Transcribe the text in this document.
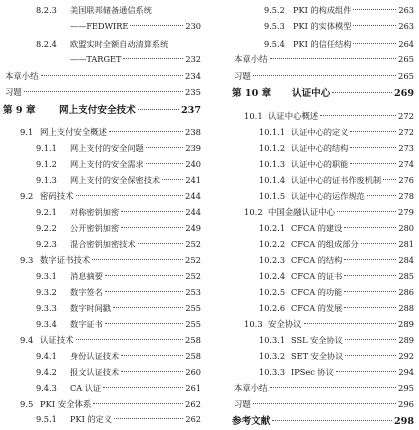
8.2.3	美国联邦储备通信系统
——FEDWIRE	230
8.2.4	欧盟实时全额自动清算系统
——TARGET	232
本章小结	234
习题	235
第 9 章	网上支付安全技术	237
9.1 网上支付安全概述	238
9.1.1	网上支付的安全问题	239
9.1.2	网上支付的安全需求	240
9.1.3	网上支付的安全保密技术	241
9.2 密码技术	244
9.2.1	对称密钥加密	244
9.2.2	公开密钥加密	249
9.2.3	混合密钥加密技术	252
9.3 数字证书技术	252
9.3.1	消息摘要	252
9.3.2	数字签名	253
9.3.3	数字时间戳	255
9.3.4	数字证书	255
9.4 认证技术	258
9.4.1	身份认证技术	258
9.4.2	报文认证技术	260
9.4.3	CA 认证	261
9.5 PKI 安全体系	262
9.5.1	PKI 的定义	262
9.5.2 PKI 的构成组件	263
9.5.3 PKI 的实体模型	263
9.5.4 PKI 的信任结构	264
本章小结	265
习题	265
第 10 章	认证中心	269
10.1 认证中心概述	272
10.1.1 认证中心的定义	272
10.1.2 认证中心的结构	273
10.1.3 认证中心的职能	274
10.1.4 认证中心的证书作废机制 276
10.1.5 认证中心的运作规范	278
10.2 中国金融认证中心	279
10.2.1 CFCA 的建设	280
10.2.2 CFCA 的组成部分	281
10.2.3 CFCA 的结构	284
10.2.4 CFCA 的证书	285
10.2.5 CFCA 的功能	286
10.2.6 CFCA 的发展	288
10.3 安全协议	289
10.3.1 SSL 安全协议	289
10.3.2 SET 安全协议	292
10.3.3 IPSec 协议	294
本章小结	295
习题	296
参考文献	298
